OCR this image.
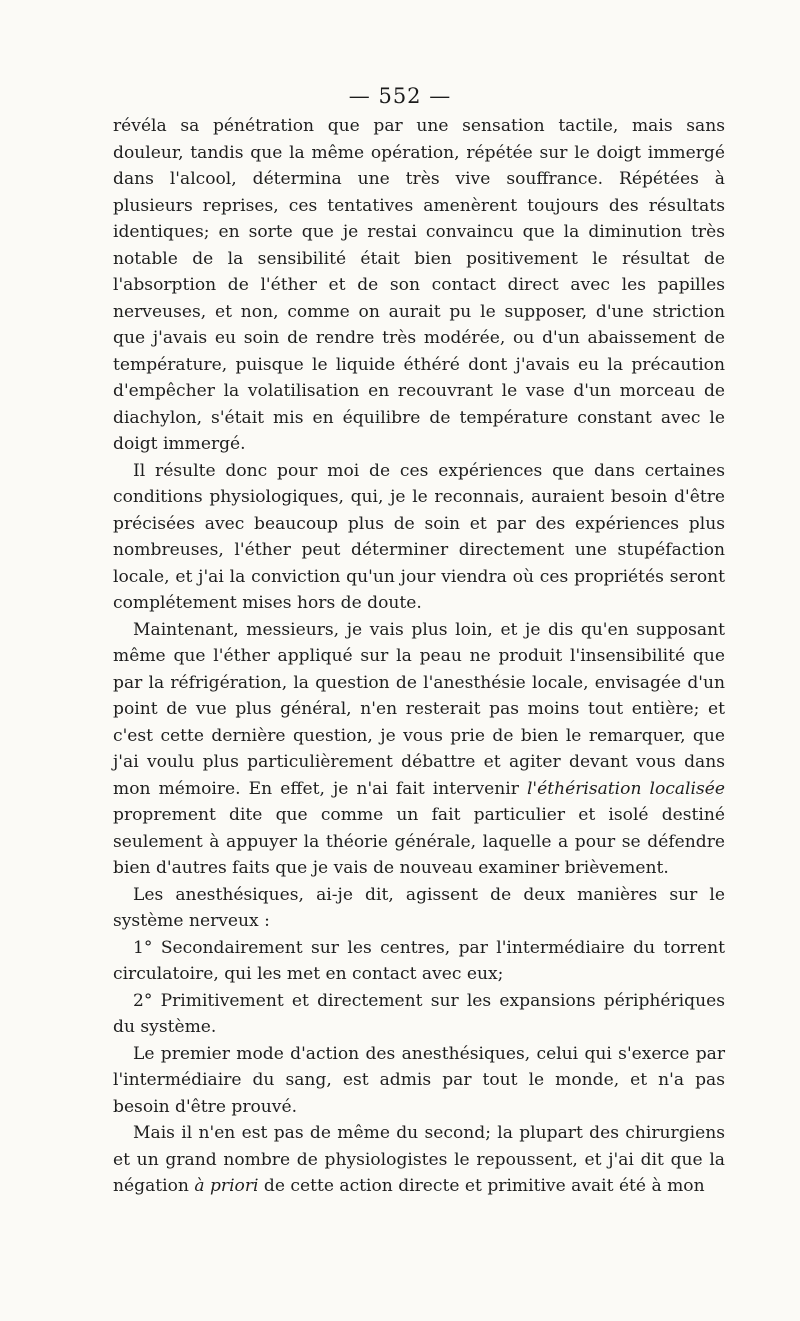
— 552 —

révéla sa pénétration que par une sensation tactile, mais sans douleur, tandis que la même opération, répétée sur le doigt immergé dans l'alcool, détermina une très vive souffrance. Répétées à plusieurs reprises, ces tentatives amenèrent toujours des résultats identiques; en sorte que je restai convaincu que la diminution très notable de la sensibilité était bien positivement le résultat de l'absorption de l'éther et de son contact direct avec les papilles nerveuses, et non, comme on aurait pu le supposer, d'une striction que j'avais eu soin de rendre très modérée, ou d'un abaissement de température, puisque le liquide éthéré dont j'avais eu la précaution d'empêcher la volatilisation en recouvrant le vase d'un morceau de diachylon, s'était mis en équilibre de température constant avec le doigt immergé.

Il résulte donc pour moi de ces expériences que dans certaines conditions physiologiques, qui, je le reconnais, auraient besoin d'être précisées avec beaucoup plus de soin et par des expériences plus nombreuses, l'éther peut déterminer directement une stupéfaction locale, et j'ai la conviction qu'un jour viendra où ces propriétés seront complétement mises hors de doute.

Maintenant, messieurs, je vais plus loin, et je dis qu'en supposant même que l'éther appliqué sur la peau ne produit l'insensibilité que par la réfrigération, la question de l'anesthésie locale, envisagée d'un point de vue plus général, n'en resterait pas moins tout entière; et c'est cette dernière question, je vous prie de bien le remarquer, que j'ai voulu plus particulièrement débattre et agiter devant vous dans mon mémoire. En effet, je n'ai fait intervenir l'éthérisation localisée proprement dite que comme un fait particulier et isolé destiné seulement à appuyer la théorie générale, laquelle a pour se défendre bien d'autres faits que je vais de nouveau examiner brièvement.

Les anesthésiques, ai-je dit, agissent de deux manières sur le système nerveux :

1° Secondairement sur les centres, par l'intermédiaire du torrent circulatoire, qui les met en contact avec eux;

2° Primitivement et directement sur les expansions périphériques du système.

Le premier mode d'action des anesthésiques, celui qui s'exerce par l'intermédiaire du sang, est admis par tout le monde, et n'a pas besoin d'être prouvé.

Mais il n'en est pas de même du second; la plupart des chirurgiens et un grand nombre de physiologistes le repoussent, et j'ai dit que la négation à priori de cette action directe et primitive avait été à mon
